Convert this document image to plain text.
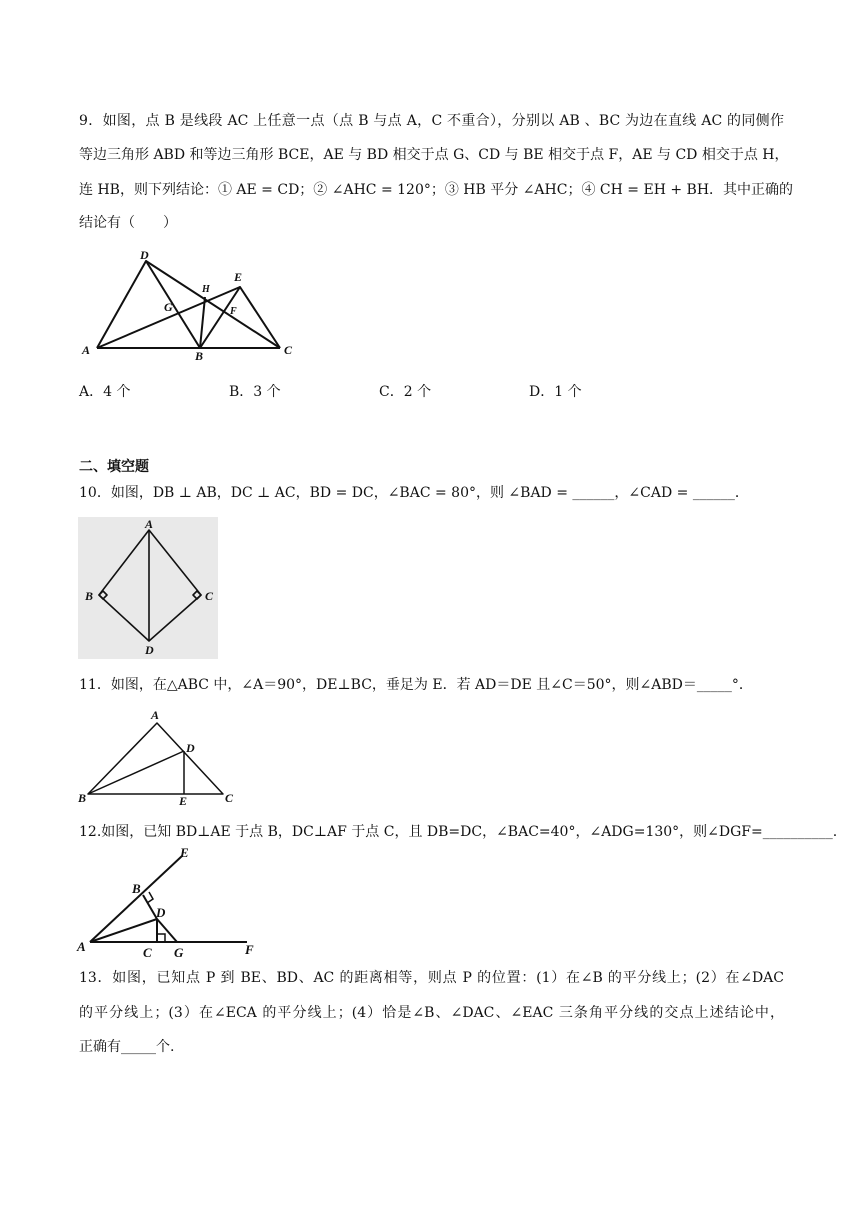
9．如图，点 B 是线段 AC 上任意一点（点 B 与点 A，C 不重合），分别以 AB 、BC 为边在直线 AC 的同侧作
等边三角形 ABD 和等边三角形 BCE，AE 与 BD 相交于点 G、CD 与 BE 相交于点 F，AE 与 CD 相交于点 H，
连 HB，则下列结论：① AE = CD；② ∠AHC = 120°；③ HB 平分 ∠AHC；④ CH = EH + BH．其中正确的
结论有（　　）
A	B	C
D
E
G
H
F
A．4 个	B．3 个	C．2 个	D．1 个
二、填空题
10．如图，DB ⊥ AB，DC ⊥ AC，BD = DC，∠BAC = 80°，则 ∠BAD = ______，∠CAD = ______．
A
B	C
D
11．如图，在△ABC 中，∠A＝90°，DE⊥BC，垂足为 E．若 AD＝DE 且∠C＝50°，则∠ABD＝_____°．
A
B	C
D
E
12.如图，已知 BD⊥AE 于点 B，DC⊥AF 于点 C，且 DB=DC，∠BAC=40°，∠ADG=130°，则∠DGF=__________.
E
B
D
A	C G	F
13．如图，已知点 P 到 BE、BD、AC 的距离相等，则点 P 的位置：(1）在∠B 的平分线上；(2）在∠DAC
的平分线上；(3）在∠ECA 的平分线上；(4）恰是∠B、∠DAC、∠EAC 三条角平分线的交点上述结论中，
正确有_____个.
